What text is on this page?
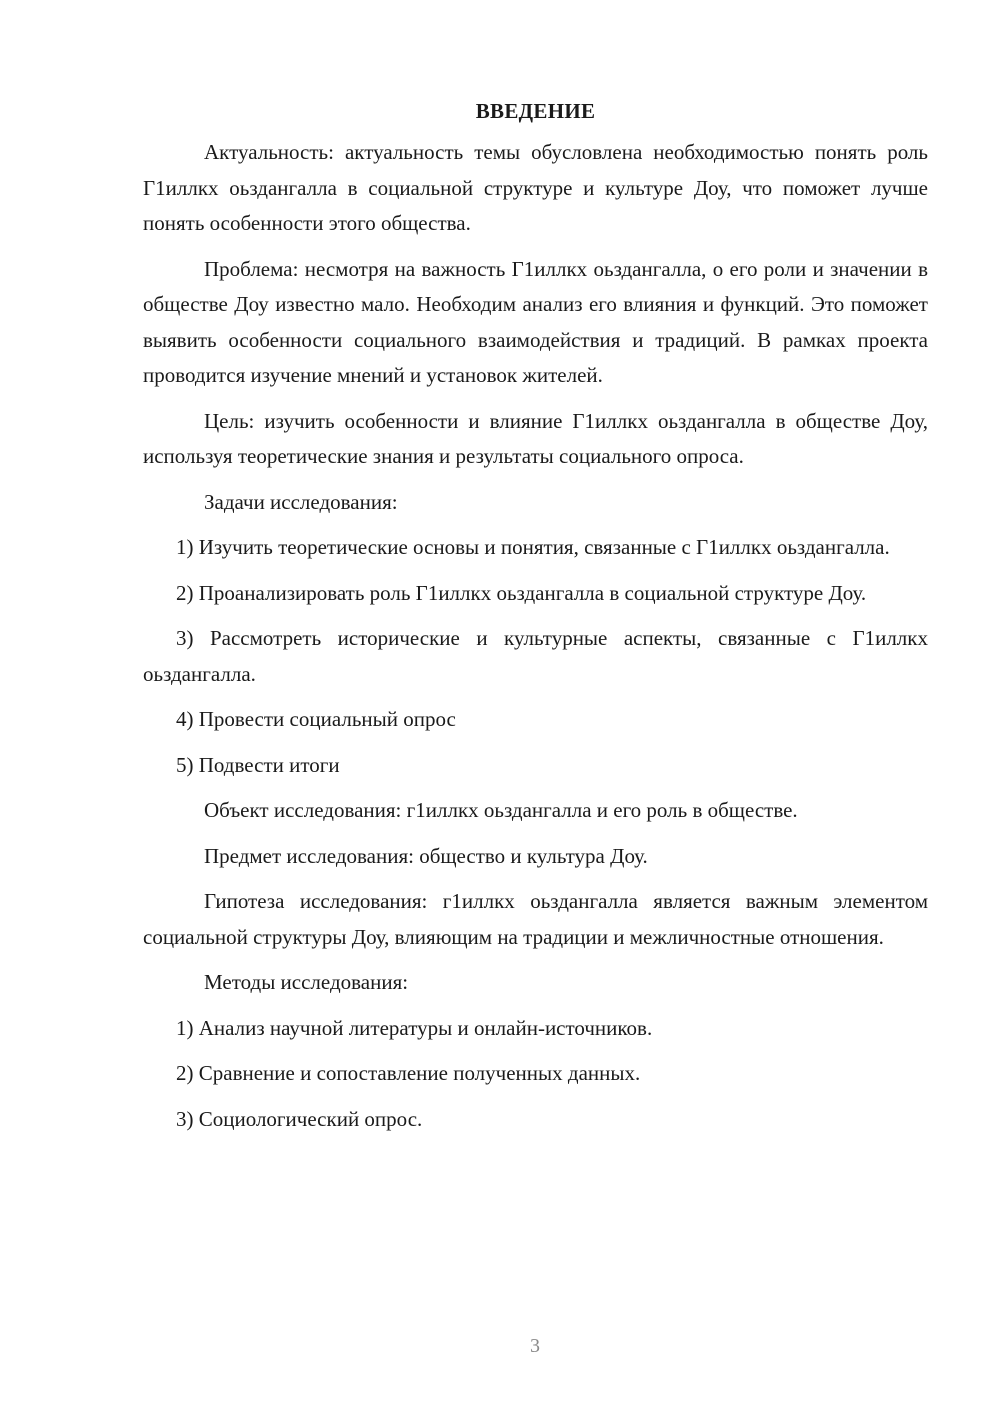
ВВЕДЕНИЕ

Актуальность: актуальность темы обусловлена необходимостью понять роль Г1иллкх оьздангалла в социальной структуре и культуре Доу, что поможет лучше понять особенности этого общества.

Проблема: несмотря на важность Г1иллкх оьздангалла, о его роли и значении в обществе Доу известно мало. Необходим анализ его влияния и функций. Это поможет выявить особенности социального взаимодействия и традиций. В рамках проекта проводится изучение мнений и установок жителей.

Цель: изучить особенности и влияние Г1иллкх оьздангалла в обществе Доу, используя теоретические знания и результаты социального опроса.

Задачи исследования:

1) Изучить теоретические основы и понятия, связанные с Г1иллкх оьздангалла.

2) Проанализировать роль Г1иллкх оьздангалла в социальной структуре Доу.

3) Рассмотреть исторические и культурные аспекты, связанные с Г1иллкх оьздангалла.

4) Провести социальный опрос

5) Подвести итоги

Объект исследования: г1иллкх оьздангалла и его роль в обществе.

Предмет исследования: общество и культура Доу.

Гипотеза исследования: г1иллкх оьздангалла является важным элементом социальной структуры Доу, влияющим на традиции и межличностные отношения.

Методы исследования:

1) Анализ научной литературы и онлайн-источников.

2) Сравнение и сопоставление полученных данных.

3) Социологический опрос.

3
